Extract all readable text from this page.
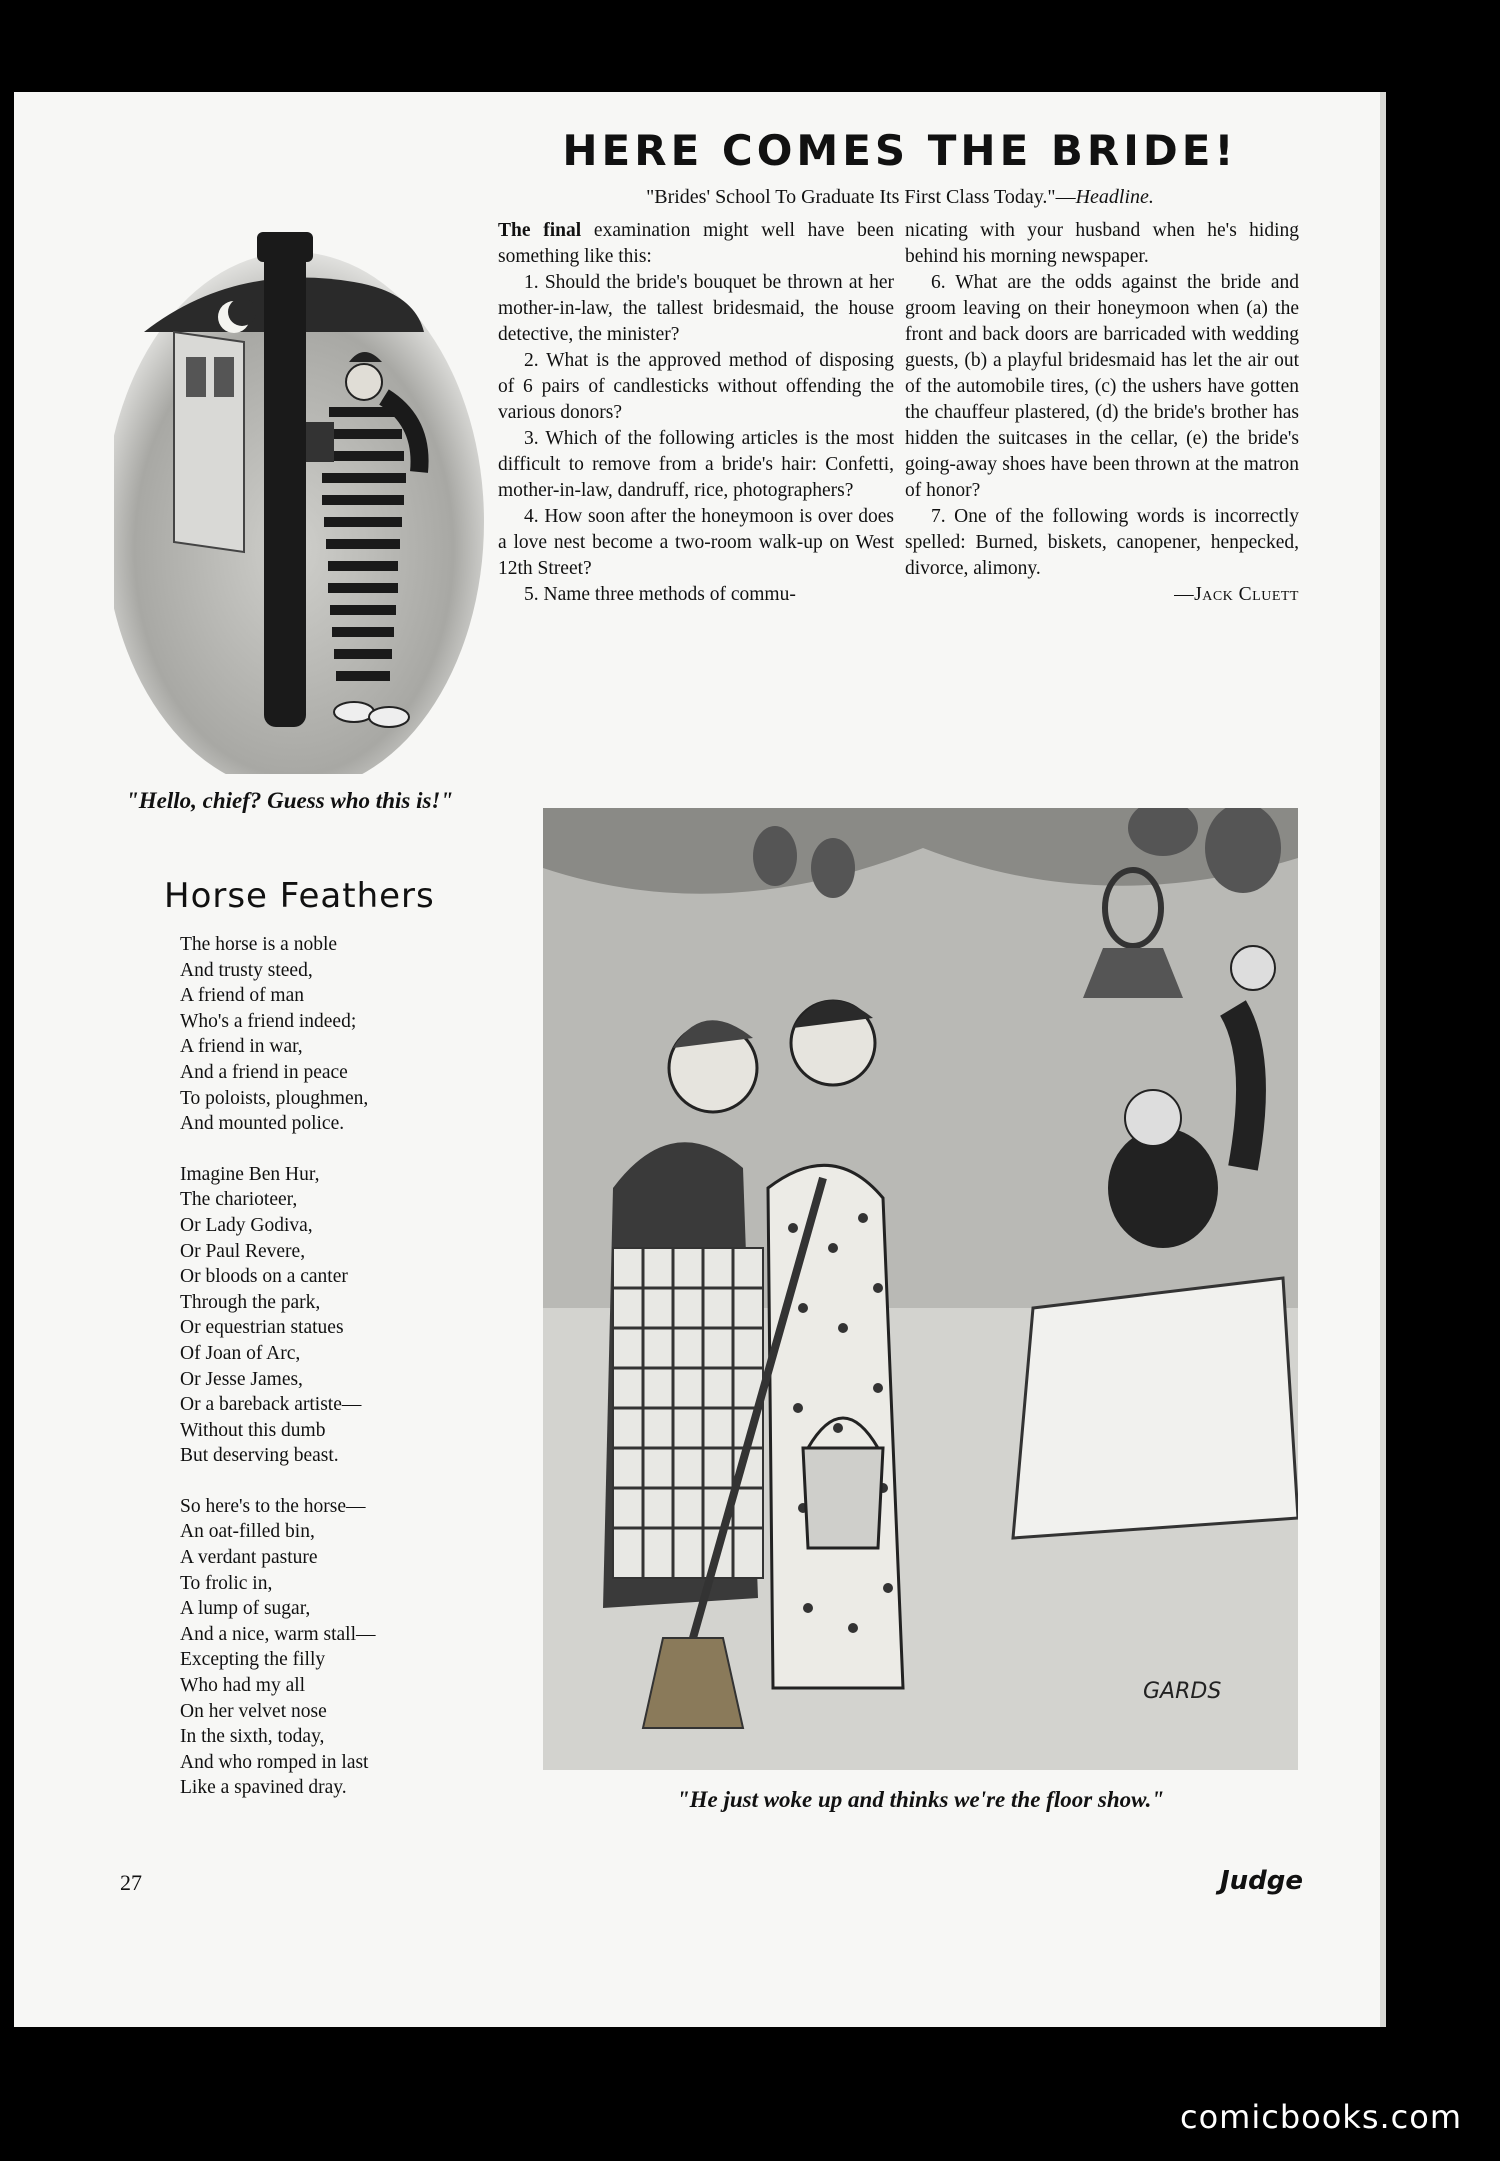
HERE COMES THE BRIDE!
"Brides' School To Graduate Its First Class Today."—Headline.

The final examination might well have been something like this:

1. Should the bride's bouquet be thrown at her mother-in-law, the tallest bridesmaid, the house detective, the minister?

2. What is the approved method of disposing of 6 pairs of candlesticks without offending the various donors?

3. Which of the following articles is the most difficult to remove from a bride's hair: Confetti, mother-in-law, dandruff, rice, photographers?

4. How soon after the honeymoon is over does a love nest become a two-room walk-up on West 12th Street?

5. Name three methods of commu-

nicating with your husband when he's hiding behind his morning newspaper.

6. What are the odds against the bride and groom leaving on their honeymoon when (a) the front and back doors are barricaded with wedding guests, (b) a playful bridesmaid has let the air out of the automobile tires, (c) the ushers have gotten the chauffeur plastered, (d) the bride's brother has hidden the suitcases in the cellar, (e) the bride's going-away shoes have been thrown at the matron of honor?

7. One of the following words is incorrectly spelled: Burned, biskets, canopener, henpecked, divorce, alimony.

—Jack Cluett

"Hello, chief? Guess who this is!"
Horse Feathers
The horse is a noble
And trusty steed,
A friend of man
Who's a friend indeed;
A friend in war,
And a friend in peace
To poloists, ploughmen,
And mounted police.
Imagine Ben Hur,
The charioteer,
Or Lady Godiva,
Or Paul Revere,
Or bloods on a canter
Through the park,
Or equestrian statues
Of Joan of Arc,
Or Jesse James,
Or a bareback artiste—
Without this dumb
But deserving beast.
So here's to the horse—
An oat-filled bin,
A verdant pasture
To frolic in,
A lump of sugar,
And a nice, warm stall—
Excepting the filly
Who had my all
On her velvet nose
In the sixth, today,
And who romped in last
Like a spavined dray.
GARDS
"He just woke up and thinks we're the floor show."
27	Judge
comicbooks.com
